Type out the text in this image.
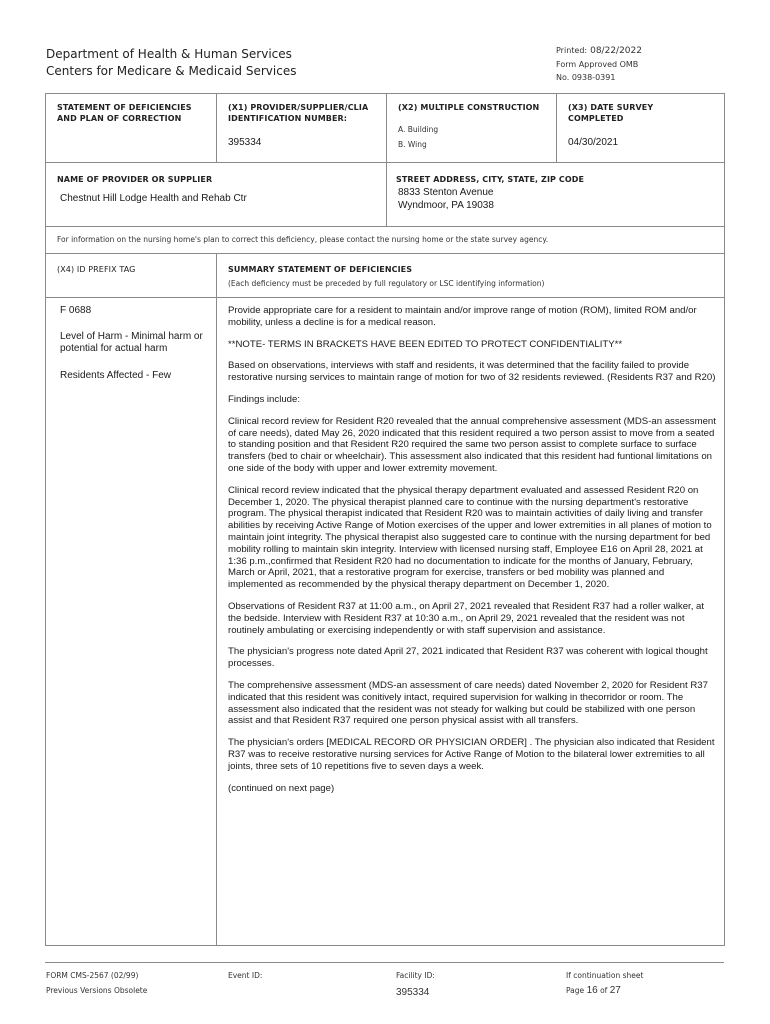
Department of Health & Human Services
Centers for Medicare & Medicaid Services
Printed: 08/22/2022
Form Approved OMB
No. 0938-0391
STATEMENT OF DEFICIENCIES AND PLAN OF CORRECTION
(X1) PROVIDER/SUPPLIER/CLIA IDENTIFICATION NUMBER:
395334
(X2) MULTIPLE CONSTRUCTION
A. Building
B. Wing
(X3) DATE SURVEY COMPLETED
04/30/2021
NAME OF PROVIDER OR SUPPLIER
Chestnut Hill Lodge Health and Rehab Ctr
STREET ADDRESS, CITY, STATE, ZIP CODE
8833 Stenton Avenue
Wyndmoor, PA 19038
For information on the nursing home's plan to correct this deficiency, please contact the nursing home or the state survey agency.
(X4) ID PREFIX TAG	SUMMARY STATEMENT OF DEFICIENCIES
(Each deficiency must be preceded by full regulatory or LSC identifying information)

F 0688

Level of Harm - Minimal harm or potential for actual harm

Residents Affected - Few

Provide appropriate care for a resident to maintain and/or improve range of motion (ROM), limited ROM and/or mobility, unless a decline is for a medical reason.

**NOTE- TERMS IN BRACKETS HAVE BEEN EDITED TO PROTECT CONFIDENTIALITY**

Based on observations, interviews with staff and residents, it was determined that the facility failed to provide restorative nursing services to maintain range of motion for two of 32 residents reviewed. (Residents R37 and R20)

Findings include:

Clinical record review for Resident R20 revealed that the annual comprehensive assessment (MDS-an assessment of care needs), dated May 26, 2020 indicated that this resident required a two person assist to move from a seated to standing position and that Resident R20 required the same two person assist to complete surface to surface transfers (bed to chair or wheelchair). This assessment also indicated that this resident had funtional limitations on one side of the body with upper and lower extremity movement.

Clinical record review indicated that the physical therapy department evaluated and assessed Resident R20 on December 1, 2020. The physical therapist planned care to continue with the nursing department's restorative program. The physical therapist indicated that Resident R20 was to maintain activities of daily living and transfer abilities by receiving Active Range of Motion exercises of the upper and lower extremities in all planes of motion to maintain joint integrity. The physical therapist also suggested care to continue with the nursing department for bed mobility rolling to maintain skin integrity. Interview with licensed nursing staff, Employee E16 on April 28, 2021 at 1:36 p.m.,confirmed that Resident R20 had no documentation to indicate for the months of January, February, March or April, 2021, that a restorative program for exercise, transfers or bed mobility was planned and implemented as recommended by the physical therapy department on December 1, 2020.

Observations of Resident R37 at 11:00 a.m., on April 27, 2021 revealed that Resident R37 had a roller walker, at the bedside. Interview with Resident R37 at 10:30 a.m., on April 29, 2021 revealed that the resident was not routinely ambulating or exercising independently or with staff supervision and assistance.

The physician's progress note dated April 27, 2021 indicated that Resident R37 was coherent with logical thought processes.

The comprehensive assessment (MDS-an assessment of care needs) dated November 2, 2020 for Resident R37 indicated that this resident was conitively intact, required supervision for walking in thecorridor or room. The assessment also indicated that the resident was not steady for walking but could be stabilized with one person assist and that Resident R37 required one person physical assist with all transfers.

The physician's orders [MEDICAL RECORD OR PHYSICIAN ORDER] . The physician also indicated that Resident R37 was to receive restorative nursing services for Active Range of Motion to the bilateral lower extremities to all joints, three sets of 10 repetitions five to seven days a week.

(continued on next page)

FORM CMS-2567 (02/99)
Previous Versions Obsolete
Event ID:	Facility ID:
395334
If continuation sheet
Page 16 of 27
